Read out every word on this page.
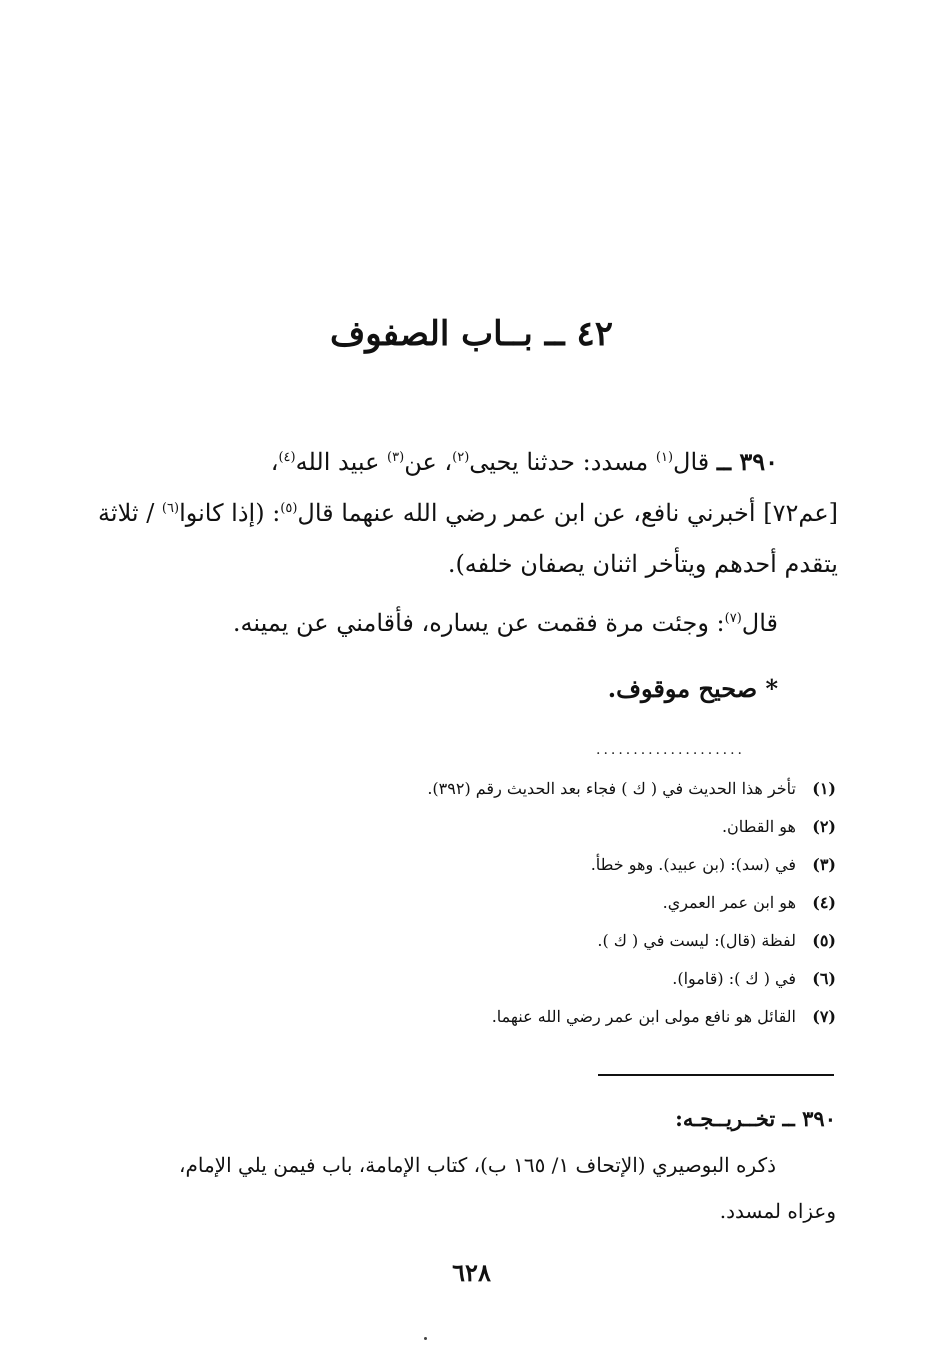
٤٢ ــ بــاب الصفوف

٣٩٠ ــ قال$^{(١)}$ مسدد: حدثنا يحيى$^{(٢)}$، عن$^{(٣)}$ عبيد الله$^{(٤)}$،

[عم٧٢] أخبرني نافع، عن ابن عمر رضي الله عنهما قال$^{(٥)}$: (إذا كانوا$^{(٦)}$ / ثلاثة

يتقدم أحدهم ويتأخر اثنان يصفان خلفه).

قال$^{(٧)}$: وجئت مرة فقمت عن يساره، فأقامني عن يمينه.

* صحيح موقوف.

....................
(١)تأخر هذا الحديث في ( ك ) فجاء بعد الحديث رقم (٣٩٢).
(٢)هو القطان.
(٣)في (سد): (بن عبيد). وهو خطأ.
(٤)هو ابن عمر العمري.
(٥)لفظة (قال): ليست في ( ك ).
(٦)في ( ك ): (قاموا).
(٧)القائل هو نافع مولى ابن عمر رضي الله عنهما.
٣٩٠ ــ تخــريــجـه:
ذكره البوصيري (الإتحاف ١/ ١٦٥ ب)، كتاب الإمامة، باب فيمن يلي الإمام،
وعزاه لمسدد.
٦٢٨
